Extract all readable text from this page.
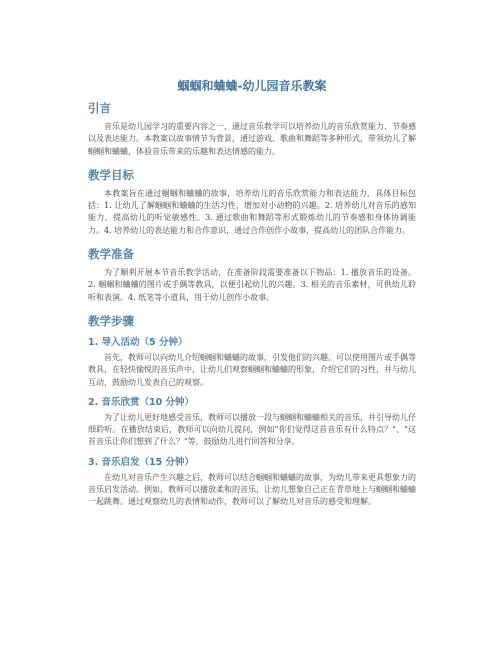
蝈蝈和蛐蛐-幼儿园音乐教案
引言

音乐是幼儿园学习的重要内容之一，通过音乐教学可以培养幼儿的音乐欣赏能力、节奏感以及表达能力。本教案以故事情节为背景，通过游戏、歌曲和舞蹈等多种形式，带领幼儿了解蝈蝈和蛐蛐，体验音乐带来的乐趣和表达情感的能力。

教学目标

本教案旨在通过蝈蝈和蛐蛐的故事，培养幼儿的音乐欣赏能力和表达能力，具体目标包括：1. 让幼儿了解蝈蝈和蛐蛐的生活习性，增加对小动物的兴趣。2. 培养幼儿对音乐的感知能力，提高幼儿的听觉敏感性。3. 通过歌曲和舞蹈等形式锻炼幼儿的节奏感和身体协调能力。4. 培养幼儿的表达能力和合作意识，通过合作创作小故事，提高幼儿的团队合作能力。

教学准备

为了顺利开展本节音乐教学活动，在准备阶段需要准备以下物品：1. 播放音乐的设备。2. 蝈蝈和蛐蛐的图片或手偶等教具，以便引起幼儿的兴趣。3. 相关的音乐素材，可供幼儿聆听和表演。4. 纸笔等小道具，用于幼儿创作小故事。

教学步骤
1. 导入活动（5 分钟）

首先，教师可以向幼儿介绍蝈蝈和蛐蛐的故事，引发他们的兴趣。可以使用图片或手偶等教具，在轻快愉悦的音乐声中，让幼儿们观察蝈蝈和蛐蛐的形象，介绍它们的习性，并与幼儿互动，鼓励幼儿发表自己的观察。

2. 音乐欣赏（10 分钟）

为了让幼儿更好地感受音乐，教师可以播放一段与蝈蝈和蛐蛐相关的音乐，并引导幼儿仔细聆听。在播放结束后，教师可以向幼儿提问，例如"你们觉得这首音乐有什么特点？"、"这首音乐让你们想到了什么？"等，鼓励幼儿进行回答和分享。

3. 音乐启发（15 分钟）

在幼儿对音乐产生兴趣之后，教师可以结合蝈蝈和蛐蛐的故事，为幼儿带来更具想象力的音乐启发活动。例如，教师可以播放柔和的音乐，让幼儿想象自己正在青草地上与蝈蝈和蛐蛐一起跳舞。通过观察幼儿的表情和动作，教师可以了解幼儿对音乐的感受和理解。
